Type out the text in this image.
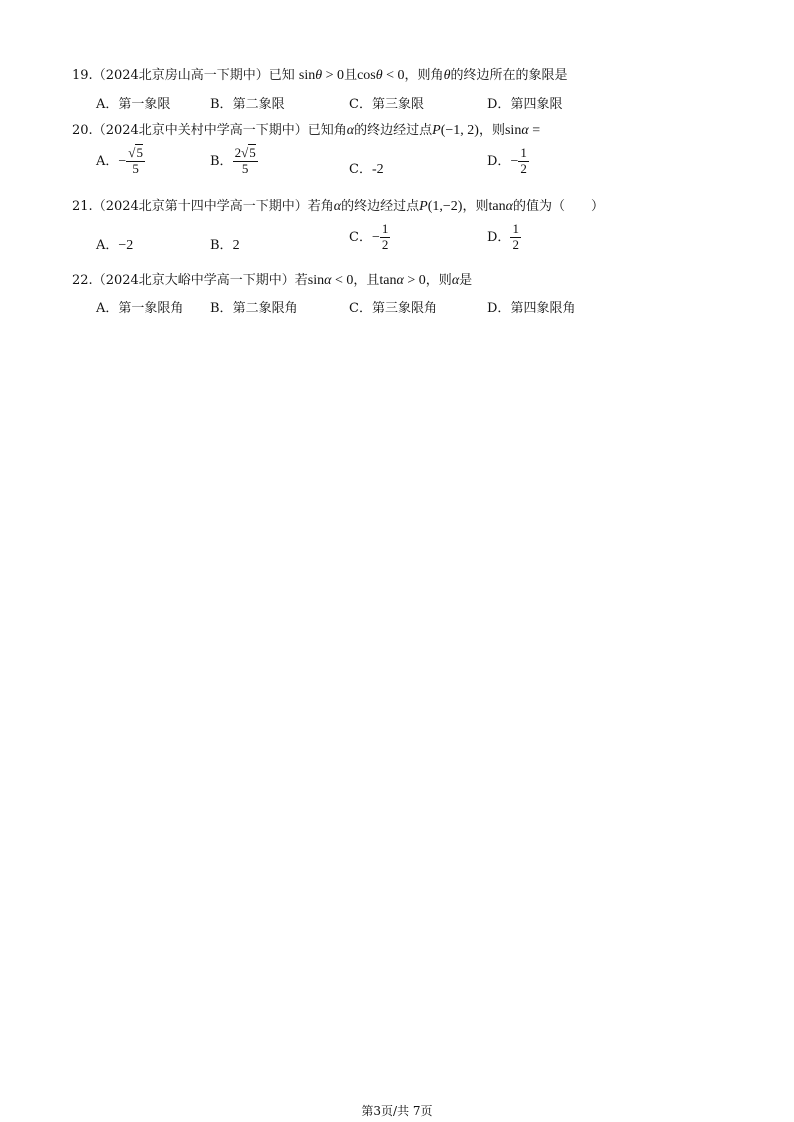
19.（2024北京房山高一下期中）已知 sinθ > 0且cosθ < 0，则角θ的终边所在的象限是
A．第一象限	B．第二象限	C．第三象限	D．第四象限
20.（2024北京中关村中学高一下期中）已知角α的终边经过点P(−1, 2)，则sinα =
A．− $\frac{√5}{5}$	B． $\frac{2√5}{5}$	C．-2
D．− $\frac{1}{2}$
21.（2024北京第十四中学高一下期中）若角α的终边经过点P(1,−2)，则tanα的值为（　　）
A．−2	B．2
C．− $\frac{1}{2}$	D． $\frac{1}{2}$
22.（2024北京大峪中学高一下期中）若sinα < 0，且tanα > 0，则α是
A．第一象限角 B．第二象限角	C．第三象限角	D．第四象限角
第3页/共 7页
